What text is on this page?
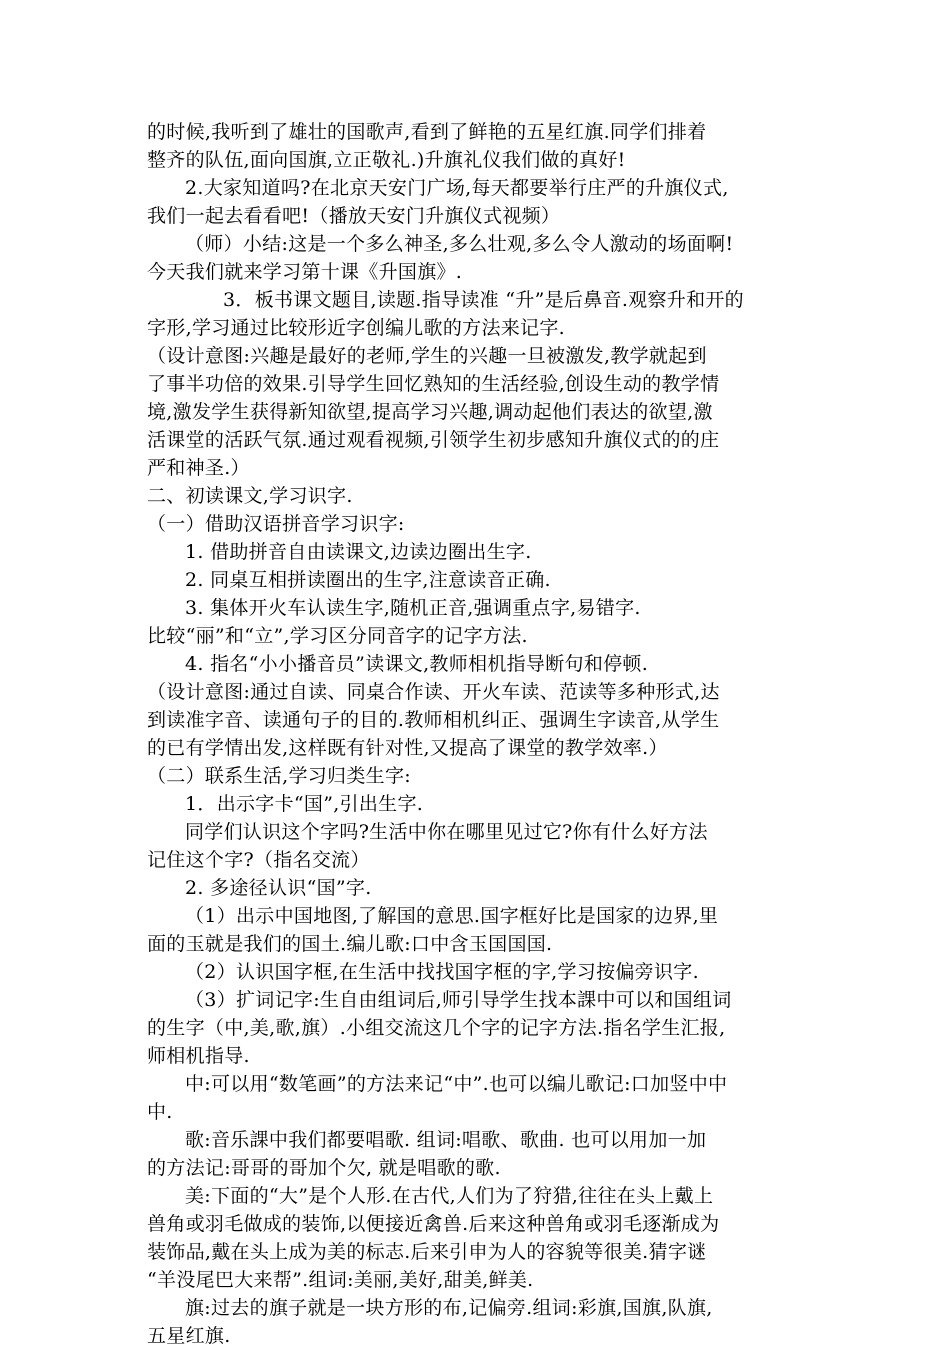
的时候,我听到了雄壮的国歌声,看到了鲜艳的五星红旗.同学们排着
整齐的队伍,面向国旗,立正敬礼.)升旗礼仪我们做的真好!
2.大家知道吗?在北京天安门广场,每天都要举行庄严的升旗仪式,
我们一起去看看吧!（播放天安门升旗仪式视频）
（师）小结:这是一个多么神圣,多么壮观,多么令人激动的场面啊!
今天我们就来学习第十课《升国旗》.
3．板书课文题目,读题.指导读准 “升”是后鼻音.观察升和开的
字形,学习通过比较形近字创编儿歌的方法来记字.
（设计意图:兴趣是最好的老师,学生的兴趣一旦被激发,教学就起到
了事半功倍的效果.引导学生回忆熟知的生活经验,创设生动的教学情
境,激发学生获得新知欲望,提高学习兴趣,调动起他们表达的欲望,激
活课堂的活跃气氛.通过观看视频,引领学生初步感知升旗仪式的的庄
严和神圣.）
二、初读课文,学习识字.
（一）借助汉语拼音学习识字:
1. 借助拼音自由读课文,边读边圈出生字.
2. 同桌互相拼读圈出的生字,注意读音正确.
3. 集体开火车认读生字,随机正音,强调重点字,易错字.
比较“丽”和“立”,学习区分同音字的记字方法.
4. 指名“小小播音员”读课文,教师相机指导断句和停顿.
（设计意图:通过自读、同桌合作读、开火车读、范读等多种形式,达
到读准字音、读通句子的目的.教师相机纠正、强调生字读音,从学生
的已有学情出发,这样既有针对性,又提高了课堂的教学效率.）
（二）联系生活,学习归类生字:
1．出示字卡“国”,引出生字.
同学们认识这个字吗?生活中你在哪里见过它?你有什么好方法
记住这个字?（指名交流）
2. 多途径认识“国”字.
（1）出示中国地图,了解国的意思.国字框好比是国家的边界,里
面的玉就是我们的国土.编儿歌:口中含玉国国国.
（2）认识国字框,在生活中找找国字框的字,学习按偏旁识字.
（3）扩词记字:生自由组词后,师引导学生找本課中可以和国组词
的生字（中,美,歌,旗）.小组交流这几个字的记字方法.指名学生汇报,
师相机指导.
中:可以用“数笔画”的方法来记“中”.也可以编儿歌记:口加竖中中
中.
歌:音乐課中我们都要唱歌. 组词:唱歌、歌曲. 也可以用加一加
的方法记:哥哥的哥加个欠, 就是唱歌的歌.
美:下面的“大”是个人形.在古代,人们为了狩猎,往往在头上戴上
兽角或羽毛做成的装饰,以便接近禽兽.后来这种兽角或羽毛逐渐成为
装饰品,戴在头上成为美的标志.后来引申为人的容貌等很美.猜字谜
“羊没尾巴大来帮”.组词:美丽,美好,甜美,鲜美.
旗:过去的旗子就是一块方形的布,记偏旁.组词:彩旗,国旗,队旗,
五星红旗.
